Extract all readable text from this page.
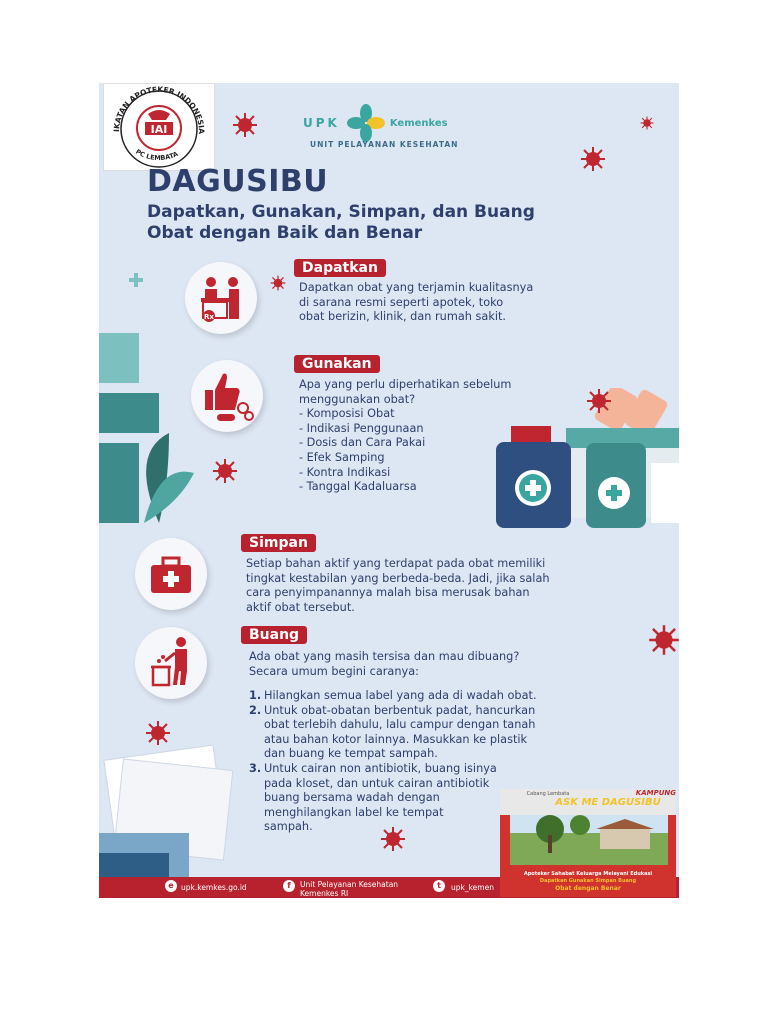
IKATAN APOTEKER INDONESIA
PC LEMBATA
IAI	UPK	Kemenkes
UNIT PELAYANAN KESEHATAN
DAGUSIBU
Dapatkan, Gunakan, Simpan, dan Buang
Obat dengan Baik dan Benar
Rx
Dapatkan
Dapatkan obat yang terjamin kualitasnya
di sarana resmi seperti apotek, toko
obat berizin, klinik, dan rumah sakit.
Gunakan
Apa yang perlu diperhatikan sebelum
menggunakan obat?
- Komposisi Obat
- Indikasi Penggunaan
- Dosis dan Cara Pakai
- Efek Samping
- Kontra Indikasi
- Tanggal Kadaluarsa
Simpan
Setiap bahan aktif yang terdapat pada obat memiliki
tingkat kestabilan yang berbeda-beda. Jadi, jika salah
cara penyimpanannya malah bisa merusak bahan
aktif obat tersebut.
Buang
Ada obat yang masih tersisa dan mau dibuang?
Secara umum begini caranya:
1. Hilangkan semua label yang ada di wadah obat.
2. Untuk obat-obatan berbentuk padat, hancurkan
obat terlebih dahulu, lalu campur dengan tanah
atau bahan kotor lainnya. Masukkan ke plastik
dan buang ke tempat sampah.
3. Untuk cairan non antibiotik, buang isinya
pada kloset, dan untuk cairan antibiotik
buang bersama wadah dengan
menghilangkan label ke tempat
sampah.
e upk.kemkes.go.id	f	Unit Pelayanan Kesehatan
Kemenkes RI
t	upk_kemen
Cabang Lembata	KAMPUNG
ASK ME DAGUSIBU
Apoteker Sahabat Keluarga Melayani Edukasi
Dapatkan Gunakan Simpan Buang
Obat dengan Benar
